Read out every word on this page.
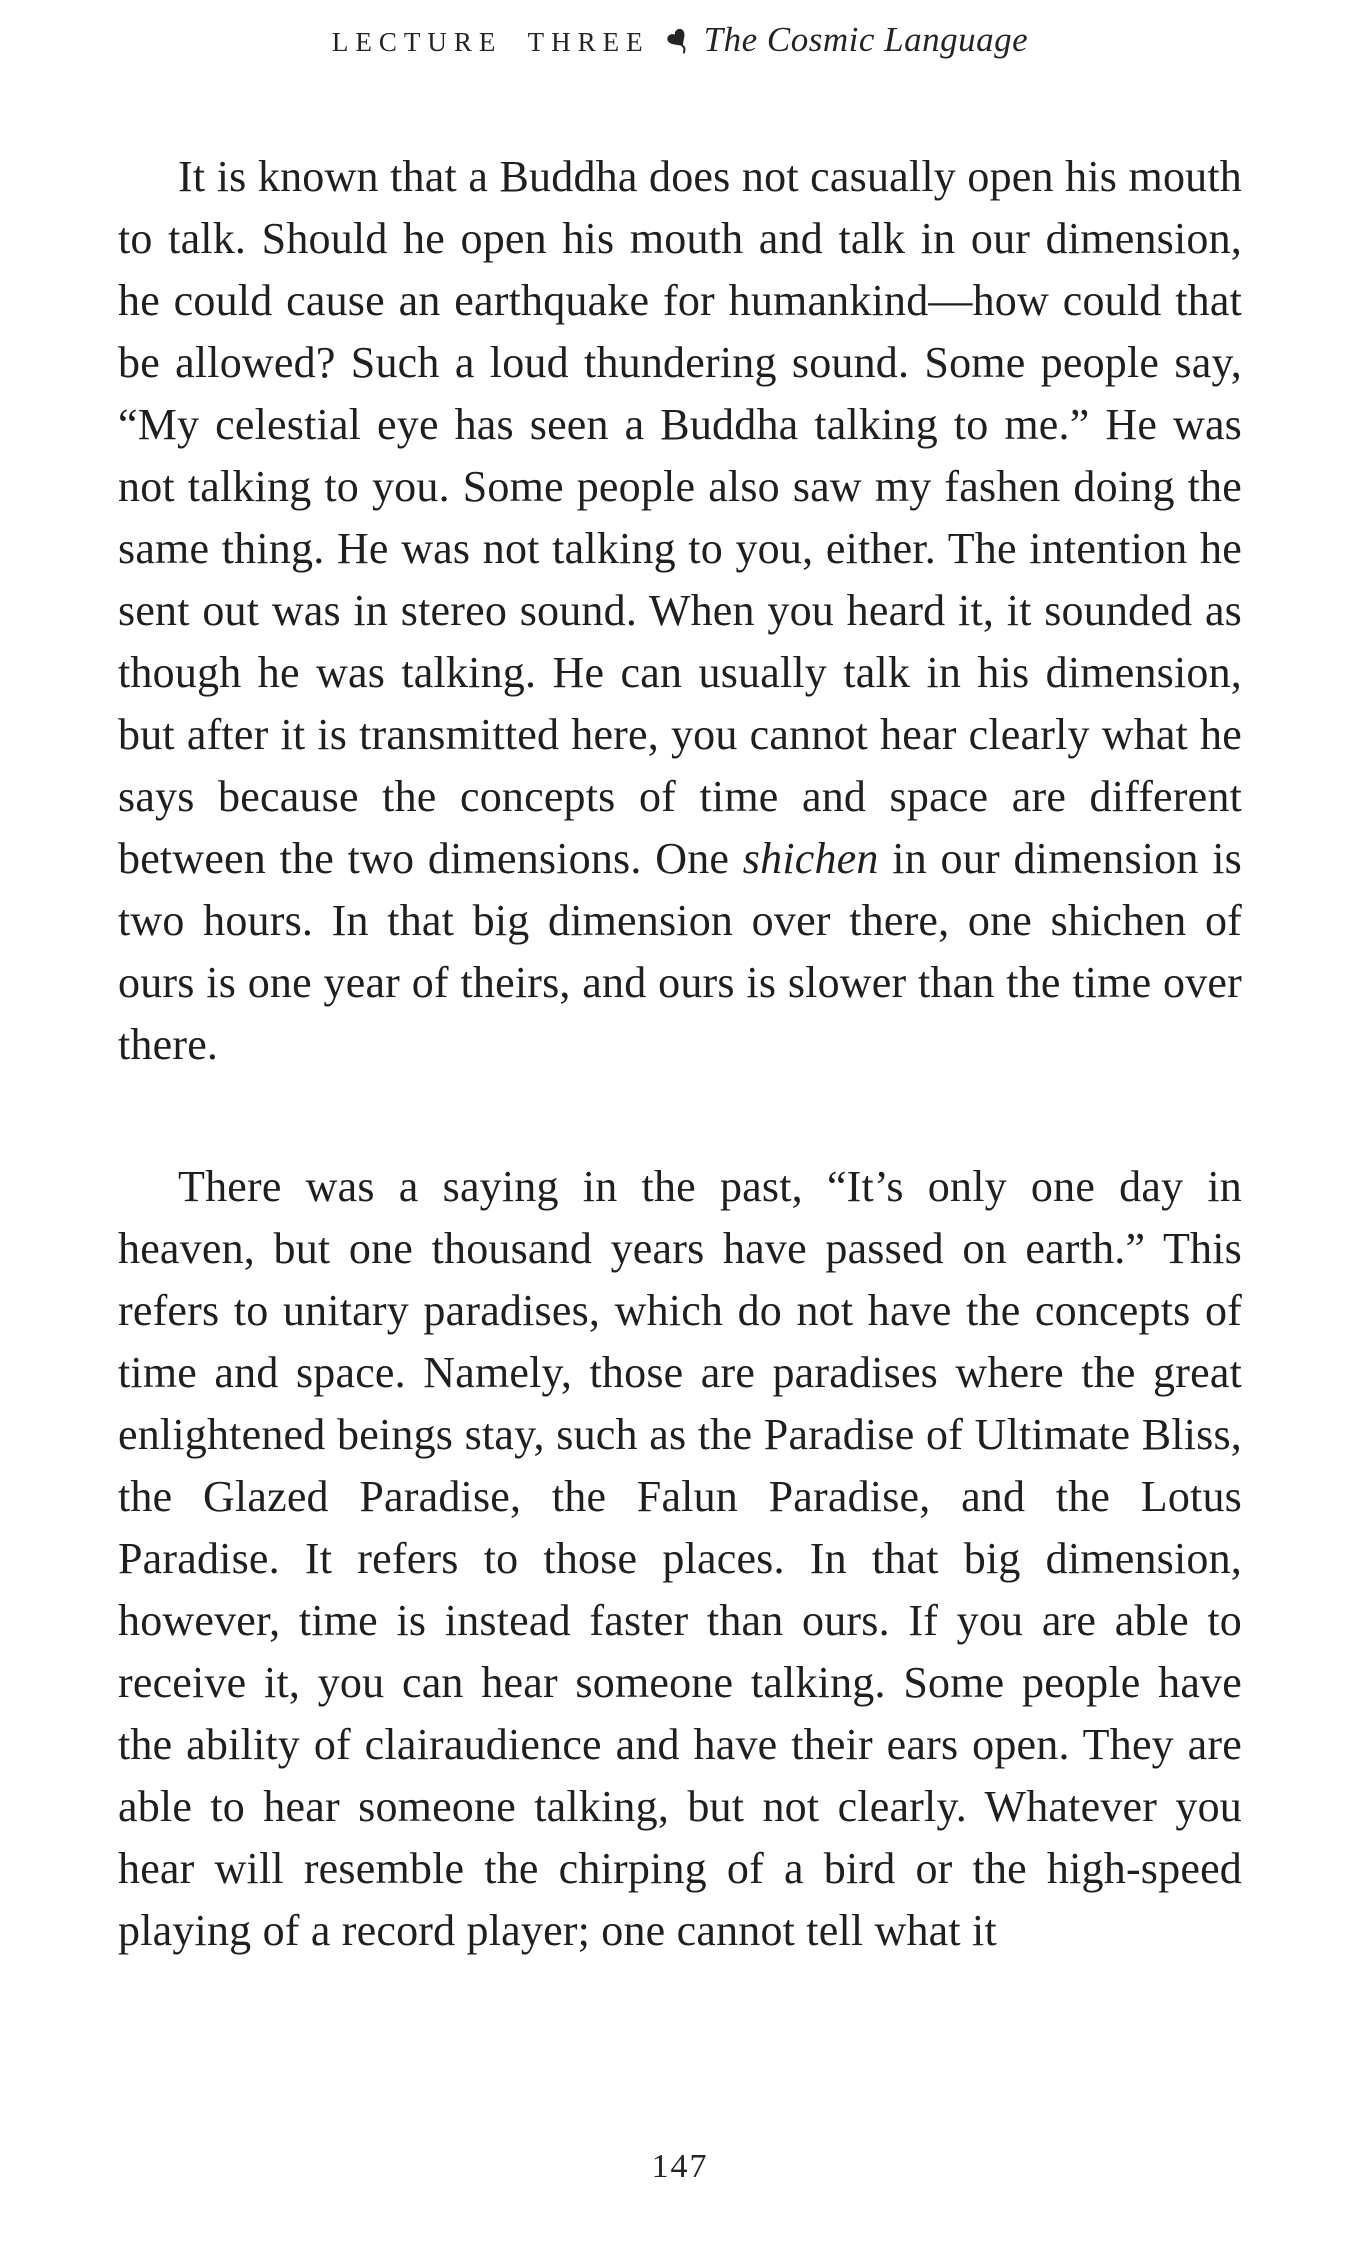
LECTURE THREE The Cosmic Language

It is known that a Buddha does not casually open his mouth to talk. Should he open his mouth and talk in our dimension, he could cause an earthquake for humankind—how could that be allowed? Such a loud thundering sound. Some people say, “My celestial eye has seen a Buddha talking to me.” He was not talking to you. Some people also saw my fashen doing the same thing. He was not talking to you, either. The intention he sent out was in stereo sound. When you heard it, it sounded as though he was talking. He can usually talk in his dimension, but after it is transmitted here, you cannot hear clearly what he says because the concepts of time and space are different between the two dimensions. One shichen in our dimension is two hours. In that big dimension over there, one shichen of ours is one year of theirs, and ours is slower than the time over there.

There was a saying in the past, “It’s only one day in heaven, but one thousand years have passed on earth.” This refers to unitary paradises, which do not have the concepts of time and space. Namely, those are paradises where the great enlightened beings stay, such as the Paradise of Ultimate Bliss, the Glazed Paradise, the Falun Paradise, and the Lotus Paradise. It refers to those places. In that big dimension, however, time is instead faster than ours. If you are able to receive it, you can hear someone talking. Some people have the ability of clairaudience and have their ears open. They are able to hear someone talking, but not clearly. Whatever you hear will resemble the chirping of a bird or the high-speed playing of a record player; one cannot tell what it

147
